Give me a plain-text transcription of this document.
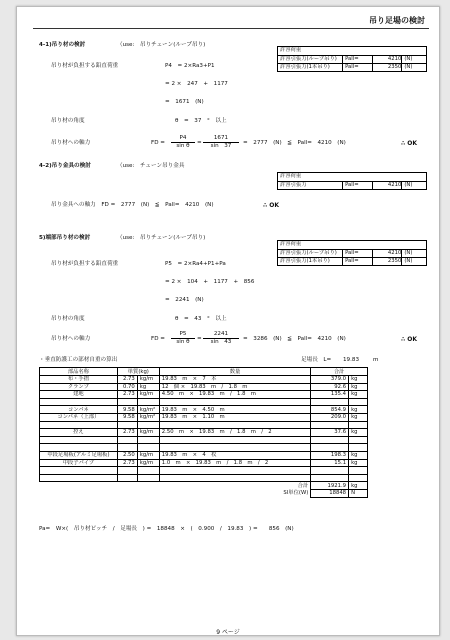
吊り足場の検討
4-1)吊り材の検討	（use:　吊りチェーン(ループ吊り)
許容荷重
許容引張力(ループ吊り)	Pall=	4210 (N)
許容引張力(1本吊り)	Pall=	2350 (N)
吊り材が負担する鉛直荷重	P4　= 2×Ra3+P1
= 2 ×　247　+　1177
=　1671　(N)
吊り材の角度	θ　=　37　°　以上
吊り材への軸力	FD = $\frac{P4}{\text{sin θ}} = \frac{1671}{\sin 37}$ =　2777　(N)　≦　Pall=　4210　(N)	∴ OK
4-2)吊り金具の検討	（use:　チェーン吊り金具
許容荷重
許容引張力	Pall=	4210 (N)
吊り金具への軸力　FD =　2777　(N)　≦　Pall=　4210　(N)	∴ OK
5)端部吊り材の検討	（use:　吊りチェーン(ループ吊り)
許容荷重
許容引張力(ループ吊り)	Pall=	4210 (N)
許容引張力(1本吊り)	Pall=	2350 (N)
吊り材が負担する鉛直荷重	P5　= 2×Ra4+P1+Pa
= 2 ×　104　+　1177　+　856
=　2241　(N)
吊り材の角度	θ　=　43　°　以上
吊り材への軸力	FD = $\frac{P5}{\text{sin θ}} = \frac{2241}{\sin 43}$ =　3286　(N)　≦　Pall=　4210　(N)	∴ OK
・垂直防護工の部材自重の算出	足場長　L= 19.83 m
部品名称	単質(kg)		数量	合計	
布・手摺	2.73	kg/m	19.83　m　×　7　本	379.0	kg
クランプ	0.70	kg	12　個 ×　19.83　m　/　1.8　m	92.6	kg
建地	2.73	kg/m	4.50　m　×　19.83　m　/　1.8　m	135.4	kg

コンパネ	9.58	kg/m²	19.83　m　×　4.50　m	854.9	kg
コンパネ（上部）	9.58	kg/m²	19.83　m　×　1.10　m	209.0	kg

控え	2.73	kg/m	2.50　m　×　19.83　m　/　1.8　m　/　2	37.6	kg

中段足場板(アルミ足場板)	2.50	kg/m	19.83　m　×　4　枚	198.3	kg
中段子パイプ	2.73	kg/m	1.0　m　×　19.83　m　/　1.8　m　/　2	15.1	kg

合計				1921.9	kg
SI単位(W)				18848	N
Pa=　W×(　吊り材ピッチ　/　足場長　) =　18848　×　(　0.900　/　19.83　) =　　856　(N)
9 ページ
